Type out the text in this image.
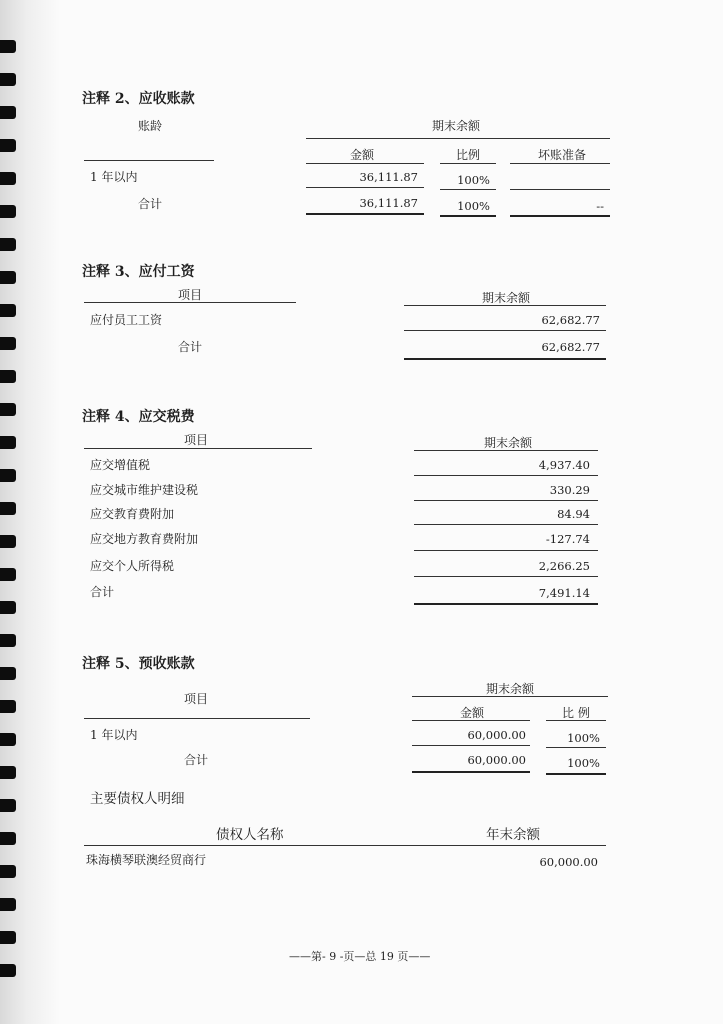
注释 2、应收账款
账龄	期末余额
金额	比例	坏账准备
1 年以内	36,111.87	100%
合计	36,111.87	100%	--
注释 3、应付工资
项目	期末余额
应付员工工资	62,682.77
合计	62,682.77
注释 4、应交税费
项目	期末余额
应交增值税	4,937.40
应交城市维护建设税	330.29
应交教育费附加	84.94
应交地方教育费附加	-127.74
应交个人所得税	2,266.25
合计	7,491.14
注释 5、预收账款
期末余额
项目
金额	比 例
1 年以内	60,000.00	100%
合计	60,000.00	100%
主要债权人明细
债权人名称	年末余额
珠海横琴联澳经贸商行	60,000.00
——第- 9 -页—总 19 页——
